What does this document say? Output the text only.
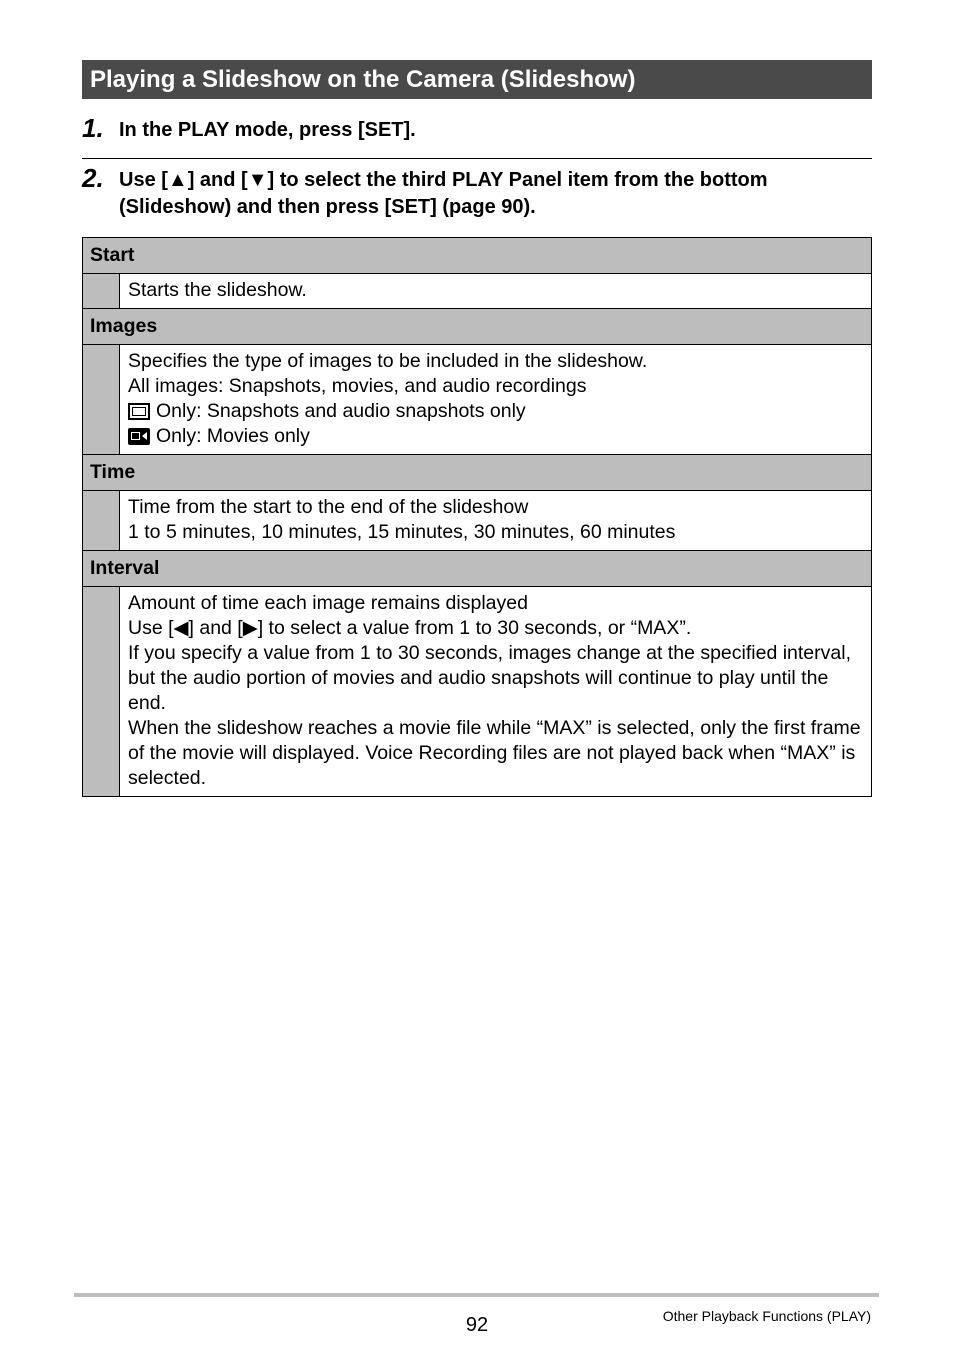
Playing a Slideshow on the Camera (Slideshow)
1. In the PLAY mode, press [SET].
2. Use [▲] and [▼] to select the third PLAY Panel item from the bottom (Slideshow) and then press [SET] (page 90).
Start	

	Starts the slideshow.

Images	

	Specifies the type of images to be included in the slideshow.
All images: Snapshots, movies, and audio recordings
Only: Snapshots and audio snapshots only
Only: Movies only

Time	

	Time from the start to the end of the slideshow
1 to 5 minutes, 10 minutes, 15 minutes, 30 minutes, 60 minutes

Interval	

	Amount of time each image remains displayed
Use [◀] and [▶] to select a value from 1 to 30 seconds, or “MAX”.
If you specify a value from 1 to 30 seconds, images change at the specified interval, but the audio portion of movies and audio snapshots will continue to play until the end.
When the slideshow reaches a movie file while “MAX” is selected, only the first frame of the movie will displayed. Voice Recording files are not played back when “MAX” is selected.
92	Other Playback Functions (PLAY)
